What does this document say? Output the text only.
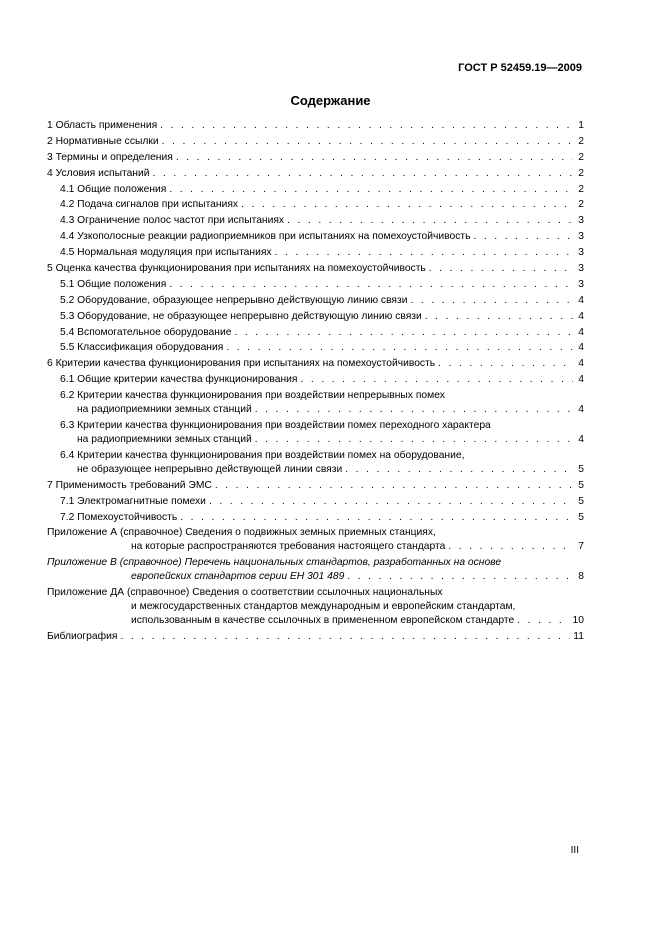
ГОСТ Р 52459.19—2009
Содержание
1 Область применения . . .	1
2 Нормативные ссылки . . .	2
3 Термины и определения . . .	2
4 Условия испытаний . . .	2
4.1 Общие положения . . .	2
4.2 Подача сигналов при испытаниях . . .	2
4.3 Ограничение полос частот при испытаниях . . .	3
4.4 Узкополосные реакции радиоприемников при испытаниях на помехоустойчивость . . .	3
4.5 Нормальная модуляция при испытаниях . . .	3
5 Оценка качества функционирования при испытаниях на помехоустойчивость . . .	3
5.1 Общие положения . . .	3
5.2 Оборудование, образующее непрерывно действующую линию связи . . .	4
5.3 Оборудование, не образующее непрерывно действующую линию связи . . .	4
5.4 Вспомогательное оборудование . . .	4
5.5 Классификация оборудования . . .	4
6 Критерии качества функционирования при испытаниях на помехоустойчивость . . .	4
6.1 Общие критерии качества функционирования . . .	4
6.2 Критерии качества функционирования при воздействии непрерывных помех
на радиоприемники земных станций . . .	4
6.3 Критерии качества функционирования при воздействии помех переходного характера
на радиоприемники земных станций . . .	4
6.4 Критерии качества функционирования при воздействии помех на оборудование,
не образующее непрерывно действующей линии связи . . .	5
7 Применимость требований ЭМС . . .	5
7.1 Электромагнитные помехи . . .	5
7.2 Помехоустойчивость . . .	5
Приложение А (справочное) Сведения о подвижных земных приемных станциях,
на которые распространяются требования настоящего стандарта . . .	7
Приложение В (справочное) Перечень национальных стандартов, разработанных на основе
европейских стандартов серии ЕН 301 489 . . .	8
Приложение ДА (справочное) Сведения о соответствии ссылочных национальных
и межгосударственных стандартов международным и европейским стандартам,
использованным в качестве ссылочных в примененном европейском стандарте . . .	10
Библиография . . .	11
III
